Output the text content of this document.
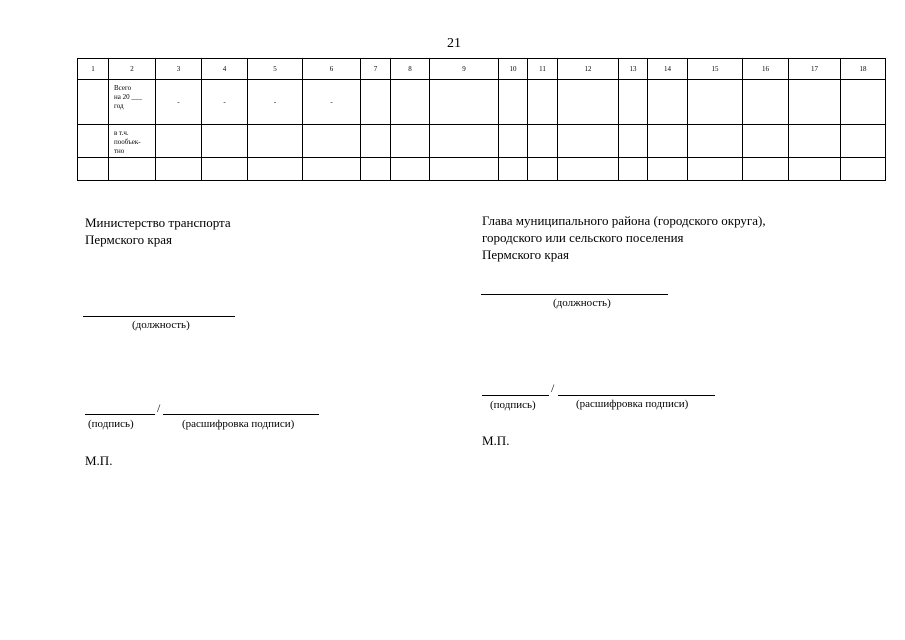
21
1	2	3	4	5	6	7	8	9	10	11	12	13	14	15	16	17	18

	Всего
на 20 ___
год	-	-	-	-												

	в т.ч.
пообъек-
тно																

Министерство транспорта
Пермского края
(должность)
/
(подпись)	(расшифровка подписи)
М.П.
Глава муниципального района (городского округа),
городского или сельского поселения
Пермского края
(должность)
/
(подпись)	(расшифровка подписи)
М.П.
